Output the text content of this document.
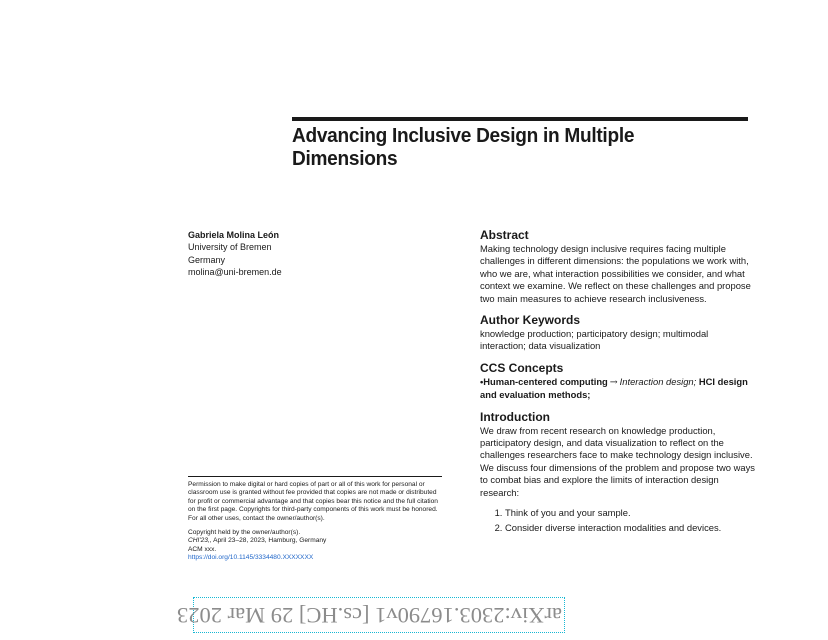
Advancing Inclusive Design in Multiple
Dimensions
Gabriela Molina León
University of Bremen
Germany
molina@uni-bremen.de
Abstract

Making technology design inclusive requires facing multiple challenges in different dimensions: the populations we work with, who we are, what interaction possibilities we consider, and what context we examine. We reflect on these challenges and propose two main measures to achieve research inclusiveness.

Author Keywords

knowledge production; participatory design; multimodal interaction; data visualization

CCS Concepts

•Human-centered computing → Interaction design; HCI design and evaluation methods;

Introduction

We draw from recent research on knowledge production, participatory design, and data visualization to reflect on the challenges researchers face to make technology design inclusive. We discuss four dimensions of the problem and propose two ways to combat bias and explore the limits of interaction design research:

1. Think of you and your sample.
2. Consider diverse interaction modalities and devices.

Permission to make digital or hard copies of part or all of this work for personal or classroom use is granted without fee provided that copies are not made or distributed for profit or commercial advantage and that copies bear this notice and the full citation on the first page. Copyrights for third-party components of this work must be honored. For all other uses, contact the owner/author(s).

Copyright held by the owner/author(s).

CHI'23,, April 23–28, 2023, Hamburg, Germany

ACM xxx.

https://doi.org/10.1145/3334480.XXXXXXX

arXiv:2303.16790v1 [cs.HC] 29 Mar 2023
